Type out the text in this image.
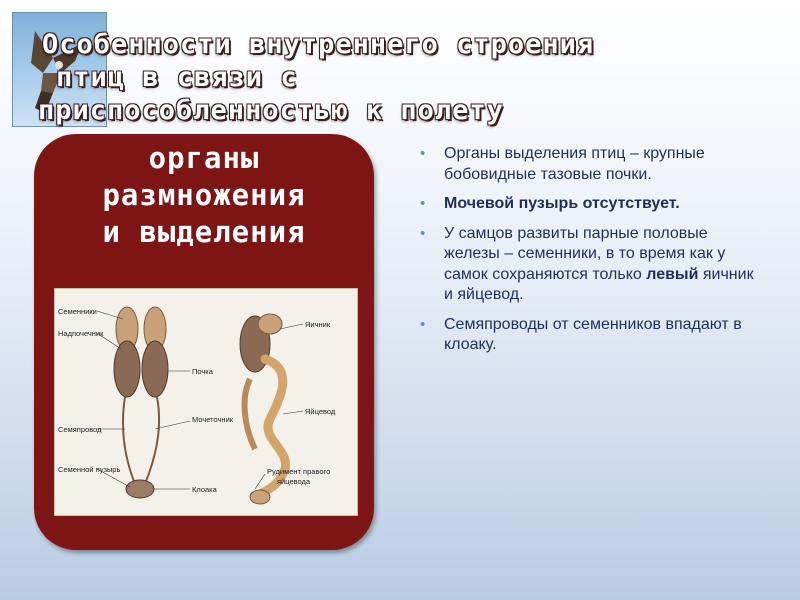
Особенности внутреннего строения
птиц в связи с
приспособленностью к полету
органы
размножения
и выделения
Семенники
Надпочечник
Почка
Семяпровод
Мочеточник
Семенной пузырь
Клоака
Яичник
Яйцевод
Рудимент правого
яйцевода
• Органы выделения птиц – крупные бобовидные тазовые почки.
• Мочевой пузырь отсутствует.
• У самцов развиты парные половые железы – семенники, в то время как у самок сохраняются только левый яичник и яйцевод.
• Семяпроводы от семенников впадают в клоаку.
